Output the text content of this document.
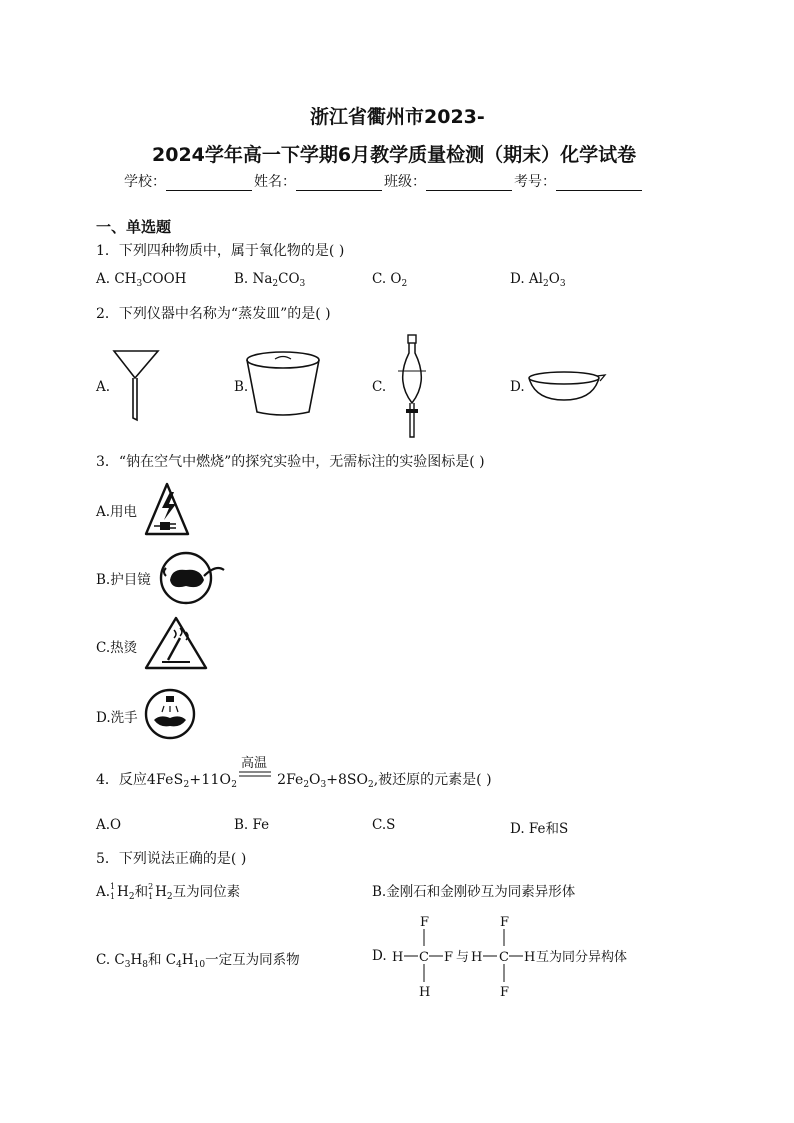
浙江省衢州市2023-
2024学年高一下学期6月教学质量检测（期末）化学试卷
学校：	姓名：	班级：	考号：
一、单选题
1．下列四种物质中，属于氧化物的是( )
A. $CH_3COOH$	B. $Na_2CO_3$	C. $O_2$	D. $Al_2O_3$
2．下列仪器中名称为“蒸发皿”的是( )
A.	B.	C.	D.
3．“钠在空气中燃烧”的探究实验中，无需标注的实验图标是( )
A.用电
B.护目镜
C.热烫
D.洗手
4．反应$4FeS_2+11O_2$	$2Fe_2O_3+8SO_2$,被还原的元素是( )
高温
A.O	B. Fe	C.S	D. Fe和S
5．下列说法正确的是( )
A. 1
1 $H_2$和 2
1 $H_2$互为同位素	B.金刚石和金刚砂互为同素异形体
C. $C_3H_8$和 $C_4H_{10}$一定互为同系物	D. H C F
F
H
与 H C H
F
F
互为同分异构体
